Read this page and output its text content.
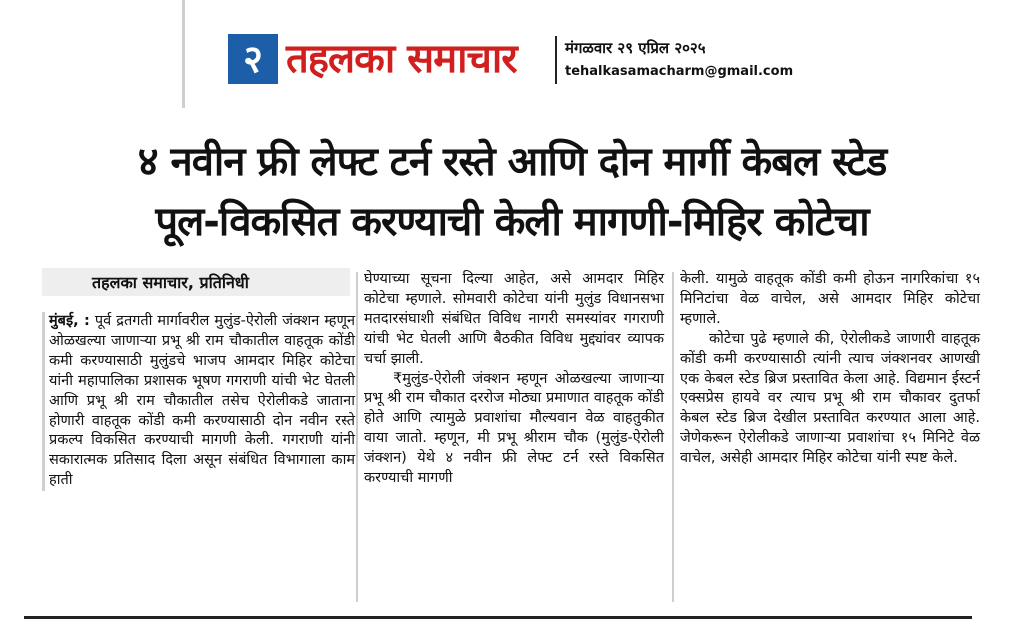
२ तहलका समाचार	मंगळवार २९ एप्रिल २०२५
tehalkasamacharm@gmail.com
४ नवीन फ्री लेफ्ट टर्न रस्ते आणि दोन मार्गी केबल स्टेड
पूल-विकसित करण्याची केली मागणी-मिहिर कोटेचा
तहलका समाचार, प्रतिनिधी

मुंबई, : पूर्व द्रतगती मार्गावरील मुलुंड-ऐरोली जंक्शन म्हणून ओळखल्या जाणाऱ्या प्रभू श्री राम चौकातील वाहतूक कोंडी कमी करण्यासाठी मुलुंडचे भाजप आमदार मिहिर कोटेचा यांनी महापालिका प्रशासक भूषण गगराणी यांची भेट घेतली आणि प्रभू श्री राम चौकातील तसेच ऐरोलीकडे जाताना होणारी वाहतूक कोंडी कमी करण्यासाठी दोन नवीन रस्ते प्रकल्प विकसित करण्याची मागणी केली. गगराणी यांनी सकारात्मक प्रतिसाद दिला असून संबंधित विभागाला काम हाती

घेण्याच्या सूचना दिल्या आहेत, असे आमदार मिहिर कोटेचा म्हणाले. सोमवारी कोटेचा यांनी मुलुंड विधानसभा मतदारसंघाशी संबंधित विविध नागरी समस्यांवर गगराणी यांची भेट घेतली आणि बैठकीत विविध मुद्द्यांवर व्यापक चर्चा झाली.

₹मुलुंड-ऐरोली जंक्शन म्हणून ओळखल्या जाणाऱ्या प्रभू श्री राम चौकात दररोज मोठ्या प्रमाणात वाहतूक कोंडी होते आणि त्यामुळे प्रवाशांचा मौल्यवान वेळ वाहतुकीत वाया जातो. म्हणून, मी प्रभू श्रीराम चौक (मुलुंड-ऐरोली जंक्शन) येथे ४ नवीन फ्री लेफ्ट टर्न रस्ते विकसित करण्याची मागणी

केली. यामुळे वाहतूक कोंडी कमी होऊन नागरिकांचा १५ मिनिटांचा वेळ वाचेल, असे आमदार मिहिर कोटेचा म्हणाले.

कोटेचा पुढे म्हणाले की, ऐरोलीकडे जाणारी वाहतूक कोंडी कमी करण्यासाठी त्यांनी त्याच जंक्शनवर आणखी एक केबल स्टेड ब्रिज प्रस्तावित केला आहे. विद्यमान ईस्टर्न एक्सप्रेस हायवे वर त्याच प्रभू श्री राम चौकावर दुतर्फा केबल स्टेड ब्रिज देखील प्रस्तावित करण्यात आला आहे. जेणेकरून ऐरोलीकडे जाणाऱ्या प्रवाशांचा १५ मिनिटे वेळ वाचेल, असेही आमदार मिहिर कोटेचा यांनी स्पष्ट केले.
